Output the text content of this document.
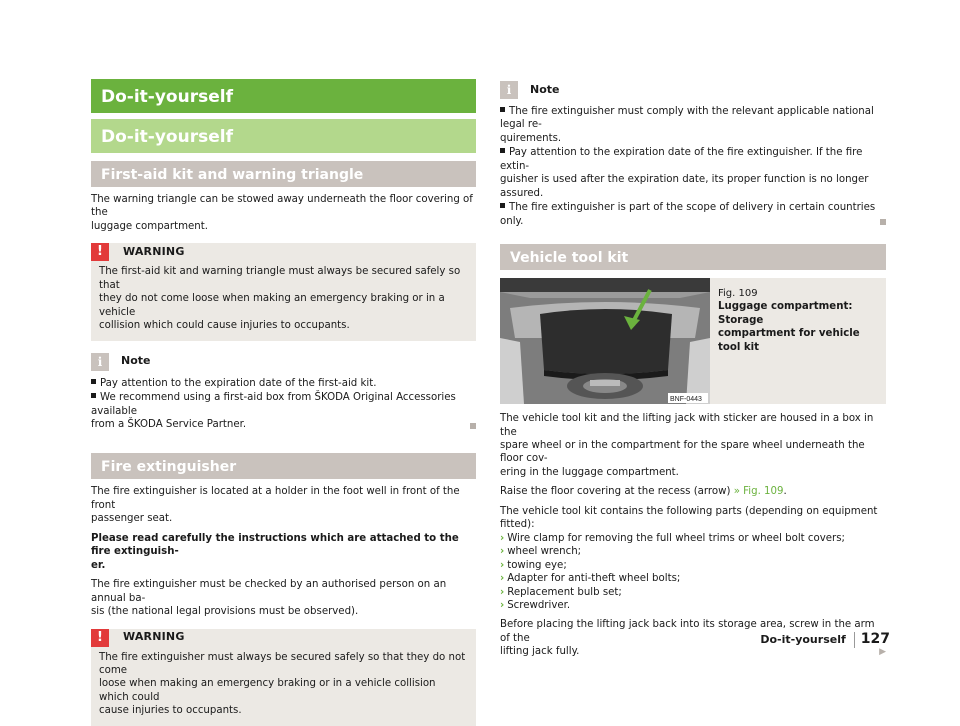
Do-it-yourself
Do-it-yourself
First-aid kit and warning triangle

The warning triangle can be stowed away underneath the floor covering of the
luggage compartment.

!	WARNING

The first-aid kit and warning triangle must always be secured safely so that
they do not come loose when making an emergency braking or in a vehicle
collision which could cause injuries to occupants.

i	Note
Pay attention to the expiration date of the first-aid kit.
We recommend using a first-aid box from ŠKODA Original Accessories available
from a ŠKODA Service Partner.
Fire extinguisher

The fire extinguisher is located at a holder in the foot well in front of the front
passenger seat.

Please read carefully the instructions which are attached to the fire extinguish-
er.

The fire extinguisher must be checked by an authorised person on an annual ba-
sis (the national legal provisions must be observed).

!	WARNING

The fire extinguisher must always be secured safely so that they do not come
loose when making an emergency braking or in a vehicle collision which could
cause injuries to occupants.

i	Note
The fire extinguisher must comply with the relevant applicable national legal re-
quirements.
Pay attention to the expiration date of the fire extinguisher. If the fire extin-
guisher is used after the expiration date, its proper function is no longer assured.
The fire extinguisher is part of the scope of delivery in certain countries only.
Vehicle tool kit
BNF-0443
Fig. 109
Luggage compartment: Storage
compartment for vehicle tool kit

The vehicle tool kit and the lifting jack with sticker are housed in a box in the
spare wheel or in the compartment for the spare wheel underneath the floor cov-
ering in the luggage compartment.

Raise the floor covering at the recess (arrow) » Fig. 109.

The vehicle tool kit contains the following parts (depending on equipment fitted):

› Wire clamp for removing the full wheel trims or wheel bolt covers;
› wheel wrench;
› towing eye;
› Adapter for anti-theft wheel bolts;
› Replacement bulb set;
› Screwdriver.

Before placing the lifting jack back into its storage area, screw in the arm of the
lifting jack fully.	▶

Do-it-yourself 127
